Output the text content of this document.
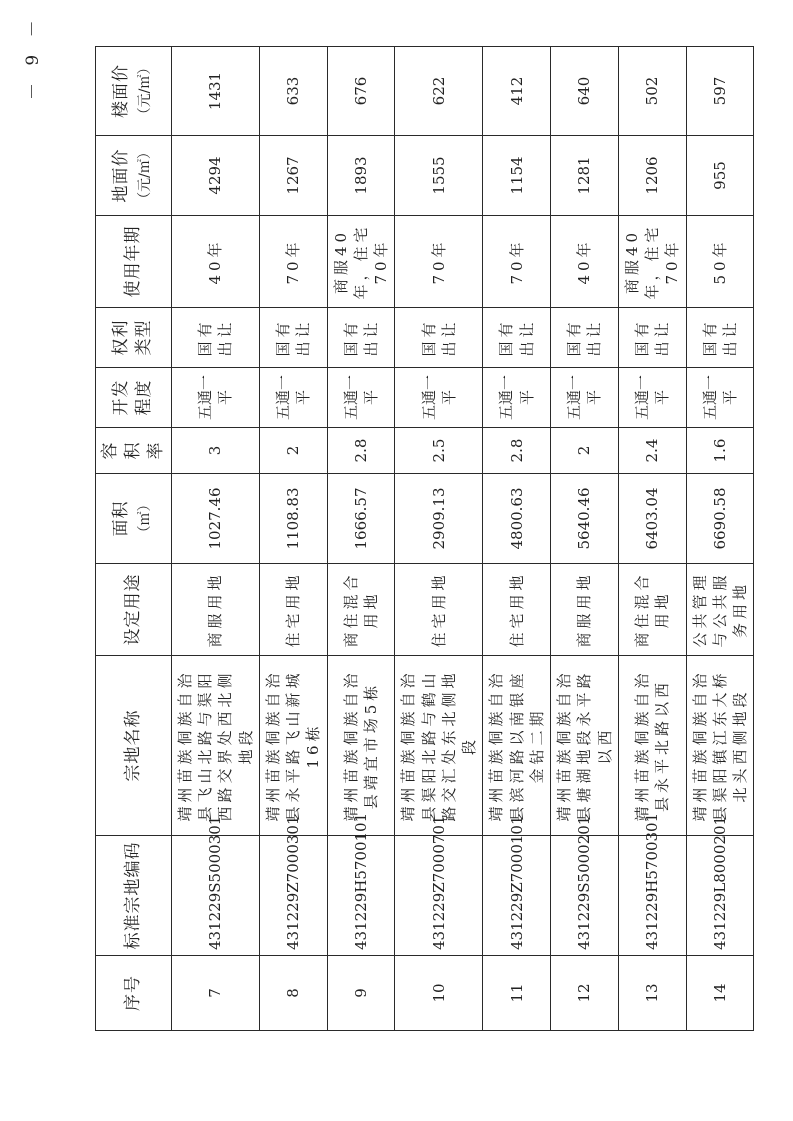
序号	标准宗地编码	宗地名称	设定用途	面积 （㎡）	容积率	开发程度	权利类型	使用年期	地面价 （元/㎡）	楼面价 （元/㎡）
7	431229S5000301	靖州苗族侗族自治县飞山北路与渠阳西路交界处西北侧地段	商服用地	1027.46	3	五通一平	国有出让	40年	4294	1431
8	431229Z7000301	靖州苗族侗族自治县永平路飞山新城16栋	住宅用地	1108.83	2	五通一平	国有出让	70年	1267	633
9	431229H5700101	靖州苗族侗族自治县靖宜市场5栋	商住混合用地	1666.57	2.8	五通一平	国有出让	商服40年，住宅70年	1893	676
10	431229Z7000701	靖州苗族侗族自治县渠阳北路与鹤山路交汇处东北侧地段	住宅用地	2909.13	2.5	五通一平	国有出让	70年	1555	622
11	431229Z7000101	靖州苗族侗族自治县滨河路以南银座金钻二期	住宅用地	4800.63	2.8	五通一平	国有出让	70年	1154	412
12	431229S5000201	靖州苗族侗族自治县塘湖地段永平路以西	商服用地	5640.46	2	五通一平	国有出让	40年	1281	640
13	431229H5700301	靖州苗族侗族自治县永平北路以西	商住混合用地	6403.04	2.4	五通一平	国有出让	商服40年，住宅70年	1206	502
14	431229L8000201	靖州苗族侗族自治县渠阳镇江东大桥北头西侧地段	公共管理与公共服务用地	6690.58	1.6	五通一平	国有出让	50年	955	597
－ 9 －
